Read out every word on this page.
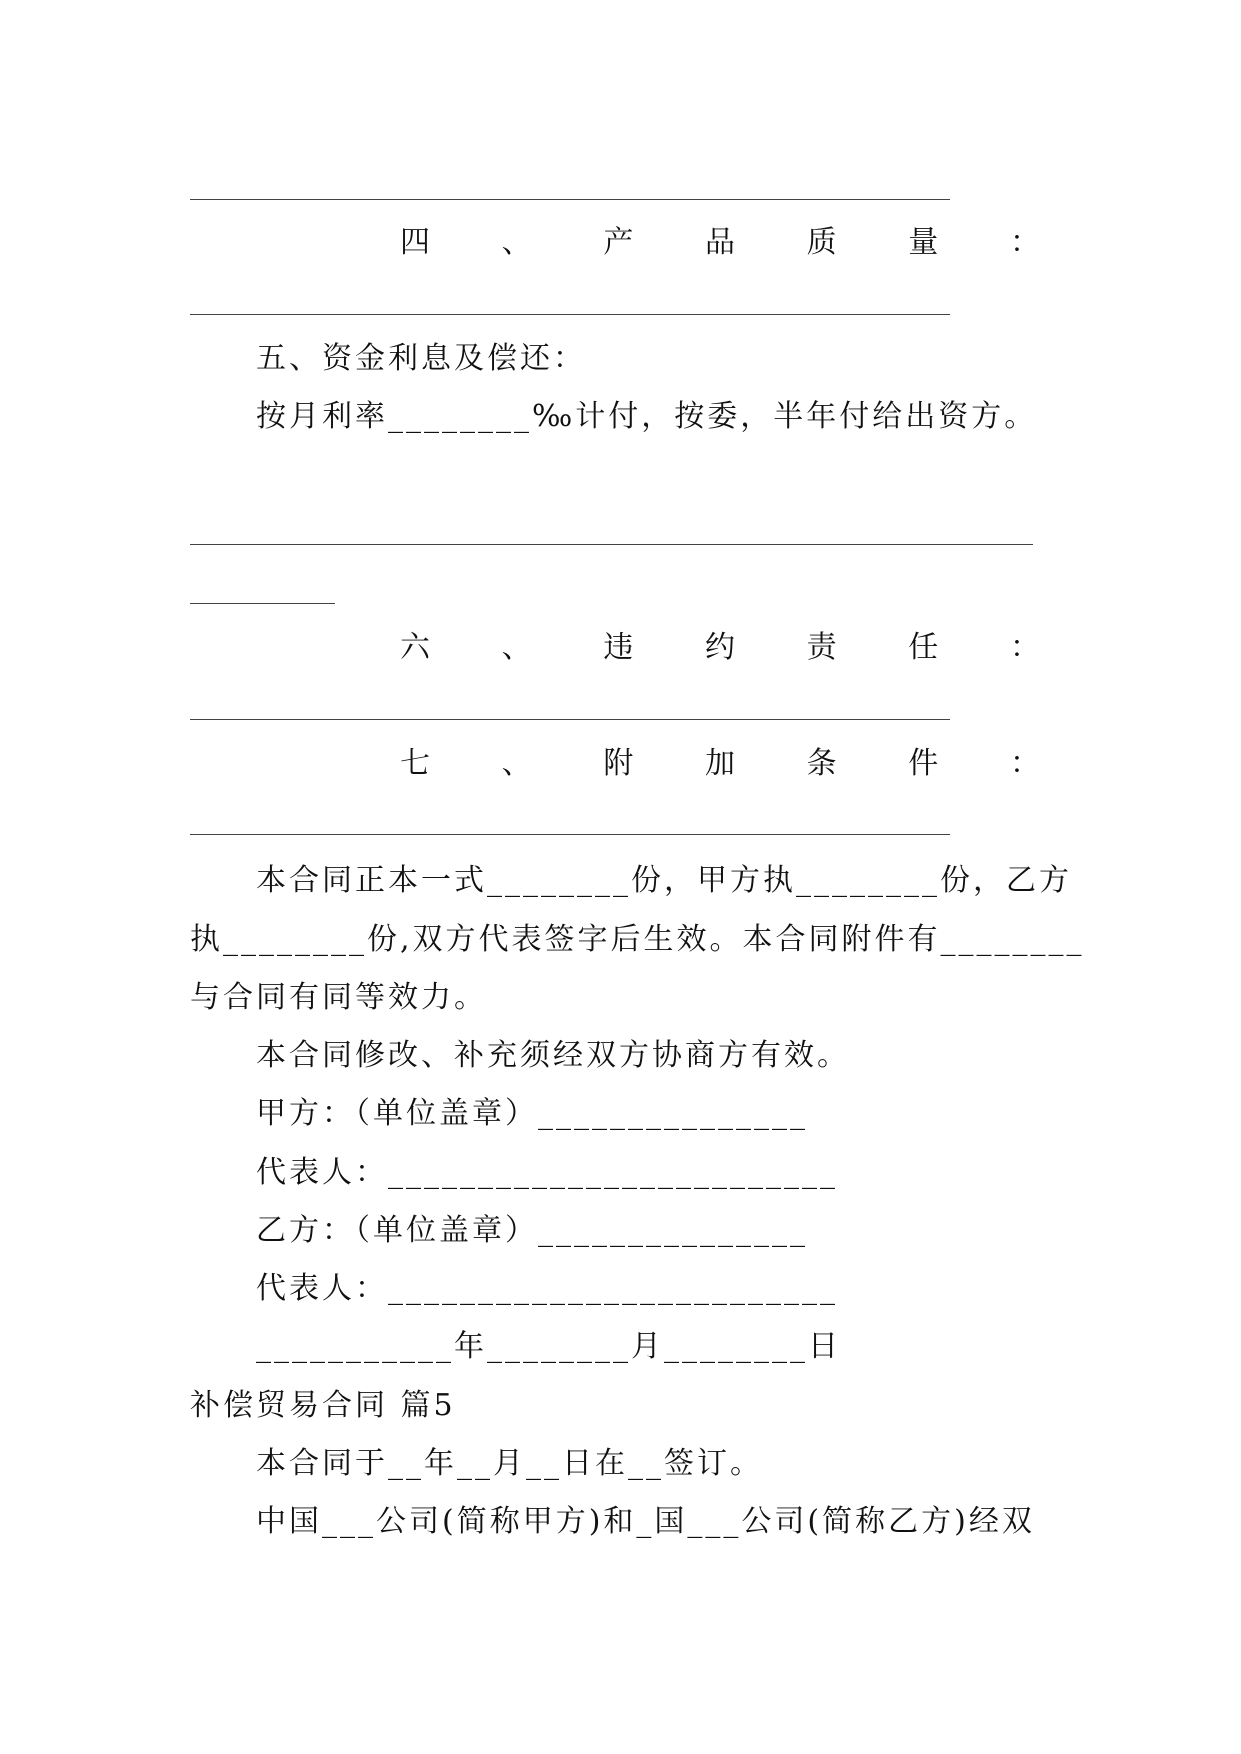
四 、 产 品 质 量 ：
五、资金利息及偿还：
按月利率________‰计付，按委，半年付给出资方。
六 、 违 约 责 任 ：
七 、 附 加 条 件 ：
本合同正本一式________份，甲方执________份，乙方
执________份,双方代表签字后生效。本合同附件有________
与合同有同等效力。
本合同修改、补充须经双方协商方有效。
甲方：（单位盖章）_______________
代表人：_________________________
乙方：（单位盖章）_______________
代表人：_________________________
___________年________月________日
补偿贸易合同 篇5
本合同于__年__月__日在__签订。
中国___公司(简称甲方)和_国___公司(简称乙方)经双
